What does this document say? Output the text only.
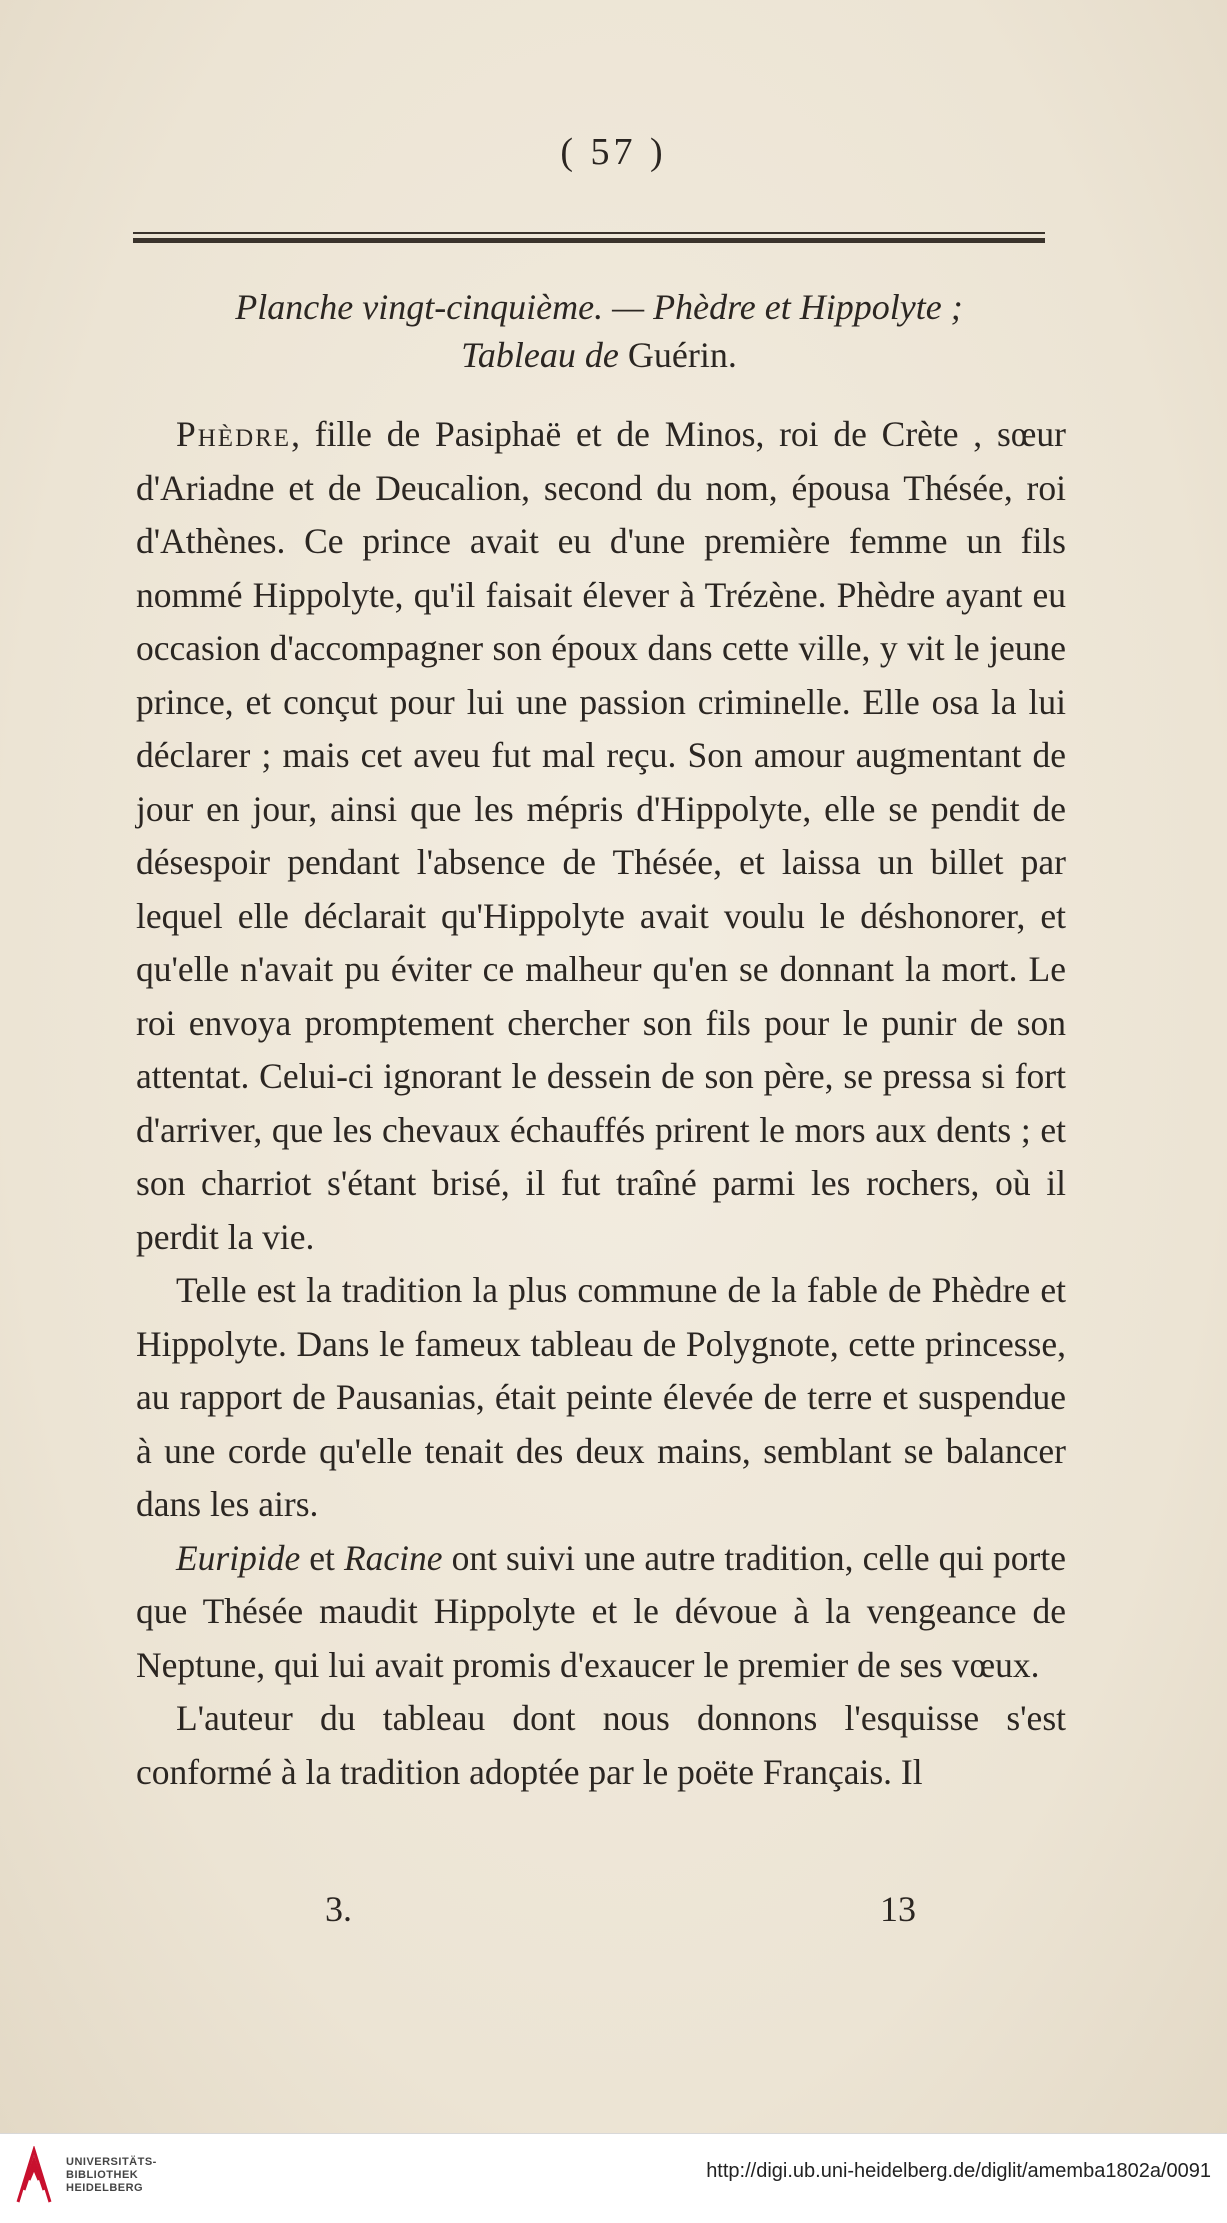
( 57 )
Planche vingt-cinquième. — Phèdre et Hippolyte ;
Tableau de Guérin.

Phèdre, fille de Pasiphaë et de Minos, roi de Crète , sœur d'Ariadne et de Deucalion, second du nom, épousa Thésée, roi d'Athènes. Ce prince avait eu d'une première femme un fils nommé Hippolyte, qu'il faisait élever à Trézène. Phèdre ayant eu occasion d'accompagner son époux dans cette ville, y vit le jeune prince, et conçut pour lui une passion criminelle. Elle osa la lui déclarer ; mais cet aveu fut mal reçu. Son amour augmentant de jour en jour, ainsi que les mépris d'Hippolyte, elle se pendit de désespoir pendant l'absence de Thésée, et laissa un billet par lequel elle déclarait qu'Hippolyte avait voulu le déshonorer, et qu'elle n'avait pu éviter ce malheur qu'en se donnant la mort. Le roi envoya promptement chercher son fils pour le punir de son attentat. Celui-ci ignorant le dessein de son père, se pressa si fort d'arriver, que les chevaux échauffés prirent le mors aux dents ; et son charriot s'étant brisé, il fut traîné parmi les rochers, où il perdit la vie.

Telle est la tradition la plus commune de la fable de Phèdre et Hippolyte. Dans le fameux tableau de Polygnote, cette princesse, au rapport de Pausanias, était peinte élevée de terre et suspendue à une corde qu'elle tenait des deux mains, semblant se balancer dans les airs.

Euripide et Racine ont suivi une autre tradition, celle qui porte que Thésée maudit Hippolyte et le dévoue à la vengeance de Neptune, qui lui avait promis d'exaucer le premier de ses vœux.

L'auteur du tableau dont nous donnons l'esquisse s'est conformé à la tradition adoptée par le poëte Français. Il

3.	13
UNIVERSITÄTS-
BIBLIOTHEK
HEIDELBERG
http://digi.ub.uni-heidelberg.de/diglit/amemba1802a/0091
